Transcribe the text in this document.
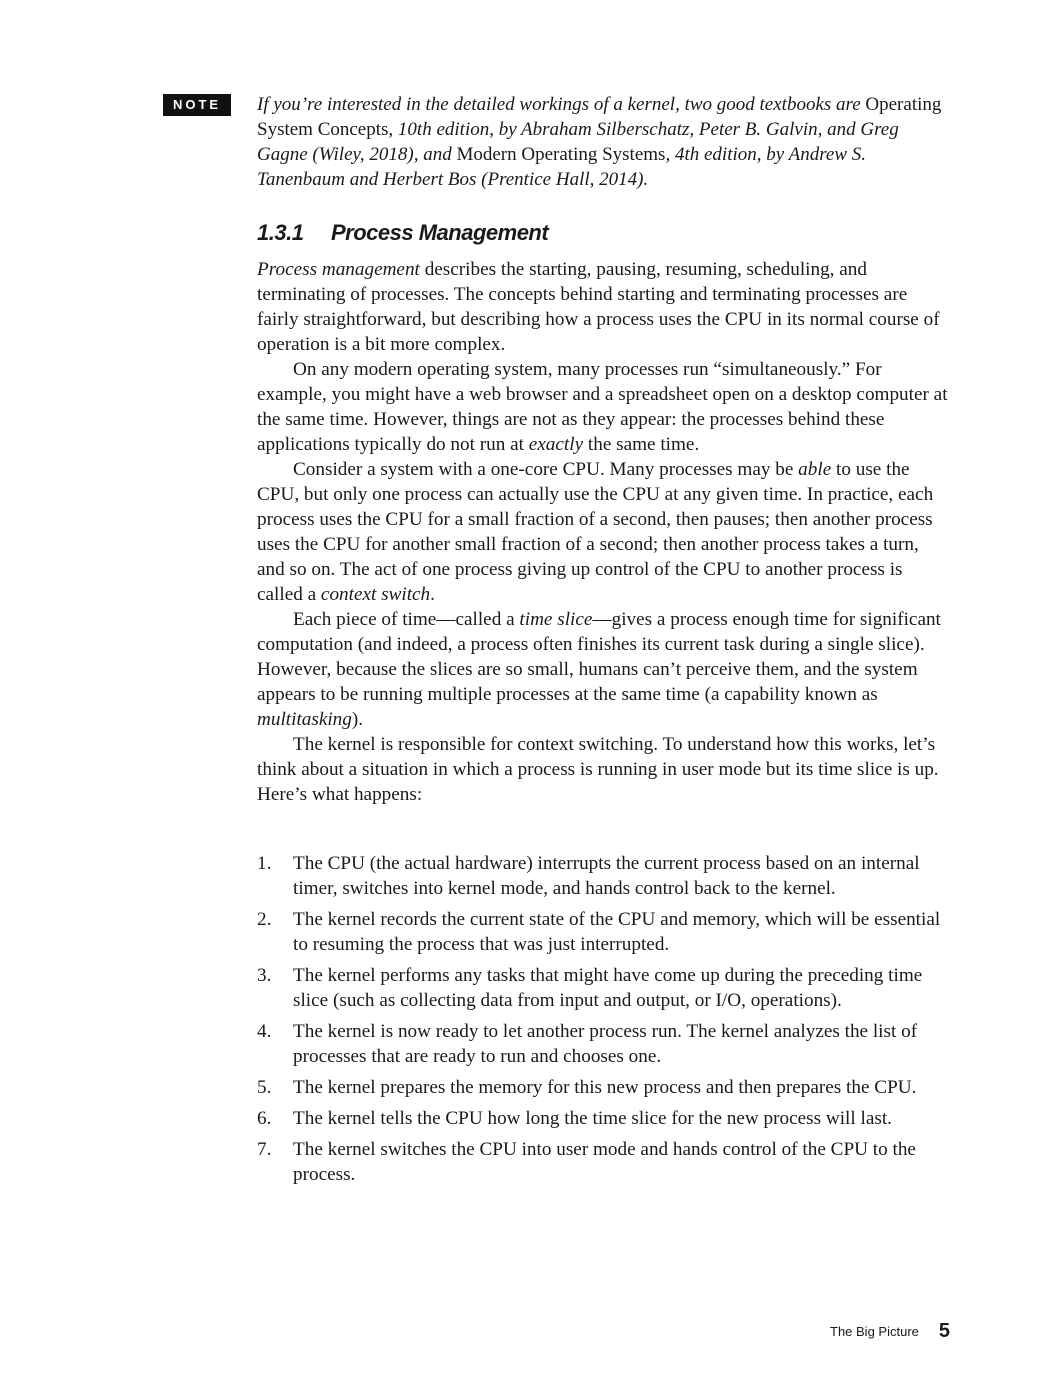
NOTE	If you’re interested in the detailed workings of a kernel, two good textbooks are Operating System Concepts, 10th edition, by Abraham Silberschatz, Peter B. Galvin, and Greg Gagne (Wiley, 2018), and Modern Operating Systems, 4th edition, by Andrew S. Tanenbaum and Herbert Bos (Prentice Hall, 2014).
1.3.1 Process Management

Process management describes the starting, pausing, resuming, scheduling, and terminating of processes. The concepts behind starting and terminating processes are fairly straightforward, but describing how a process uses the CPU in its normal course of operation is a bit more complex.

On any modern operating system, many processes run “simultaneously.” For example, you might have a web browser and a spreadsheet open on a desktop computer at the same time. However, things are not as they appear: the processes behind these applications typically do not run at exactly the same time.

Consider a system with a one-core CPU. Many processes may be able to use the CPU, but only one process can actually use the CPU at any given time. In practice, each process uses the CPU for a small fraction of a second, then pauses; then another process uses the CPU for another small fraction of a second; then another process takes a turn, and so on. The act of one process giving up control of the CPU to another process is called a context switch.

Each piece of time—called a time slice—gives a process enough time for significant computation (and indeed, a process often finishes its current task during a single slice). However, because the slices are so small, humans can’t perceive them, and the system appears to be running multiple processes at the same time (a capability known as multitasking).

The kernel is responsible for context switching. To understand how this works, let’s think about a situation in which a process is running in user mode but its time slice is up. Here’s what happens:

1. The CPU (the actual hardware) interrupts the current process based on an internal timer, switches into kernel mode, and hands control back to the kernel.
2. The kernel records the current state of the CPU and memory, which will be essential to resuming the process that was just interrupted.
3. The kernel performs any tasks that might have come up during the preceding time slice (such as collecting data from input and output, or I/O, operations).
4. The kernel is now ready to let another process run. The kernel analyzes the list of processes that are ready to run and chooses one.
5. The kernel prepares the memory for this new process and then prepares the CPU.
6. The kernel tells the CPU how long the time slice for the new process will last.
7. The kernel switches the CPU into user mode and hands control of the CPU to the process.
The Big Picture 5
